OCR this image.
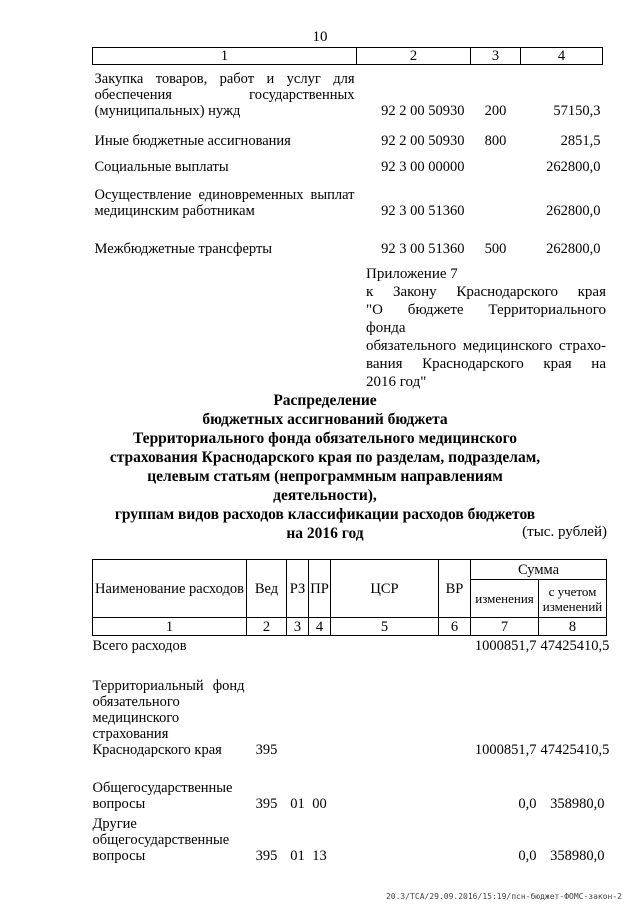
10
1	2	3	4
Закупка товаров, работ и услуг для обеспечения государственных (муниципальных) нужд	92 2 00 50930	200	57150,3
Иные бюджетные ассигнования	92 2 00 50930	800	2851,5
Социальные выплаты	92 3 00 00000		262800,0
Осуществление единовременных выплат медицинским работникам	92 3 00 51360		262800,0
Межбюджетные трансферты	92 3 00 51360	500	262800,0
Приложение 7
к Закону Краснодарского края
"О бюджете Территориального фонда
обязательного медицинского страхо-
вания Краснодарского края на
2016 год"
Распределение
бюджетных ассигнований бюджета
Территориального фонда обязательного медицинского
страхования Краснодарского края по разделам, подразделам,
целевым статьям (непрограммным направлениям деятельности),
группам видов расходов классификации расходов бюджетов
на 2016 год	(тыс. рублей)
Наименование расходов	Вед	РЗ	ПР	ЦСР	ВР	Сумма	
						изменения	с учетом изменений
1	2	3	4	5	6	7	8
Всего расходов						1000851,7	47425410,5
Территориальный фонд обязательного медицинского страхования Краснодарского края	395					1000851,7	47425410,5
Общегосударственные вопросы	395	01	00			0,0	358980,0
Другие общегосударственные вопросы	395	01	13			0,0	358980,0
20.3/ТСА/29.09.2016/15:19/псн-бюджет-ФОМС-закон-2
